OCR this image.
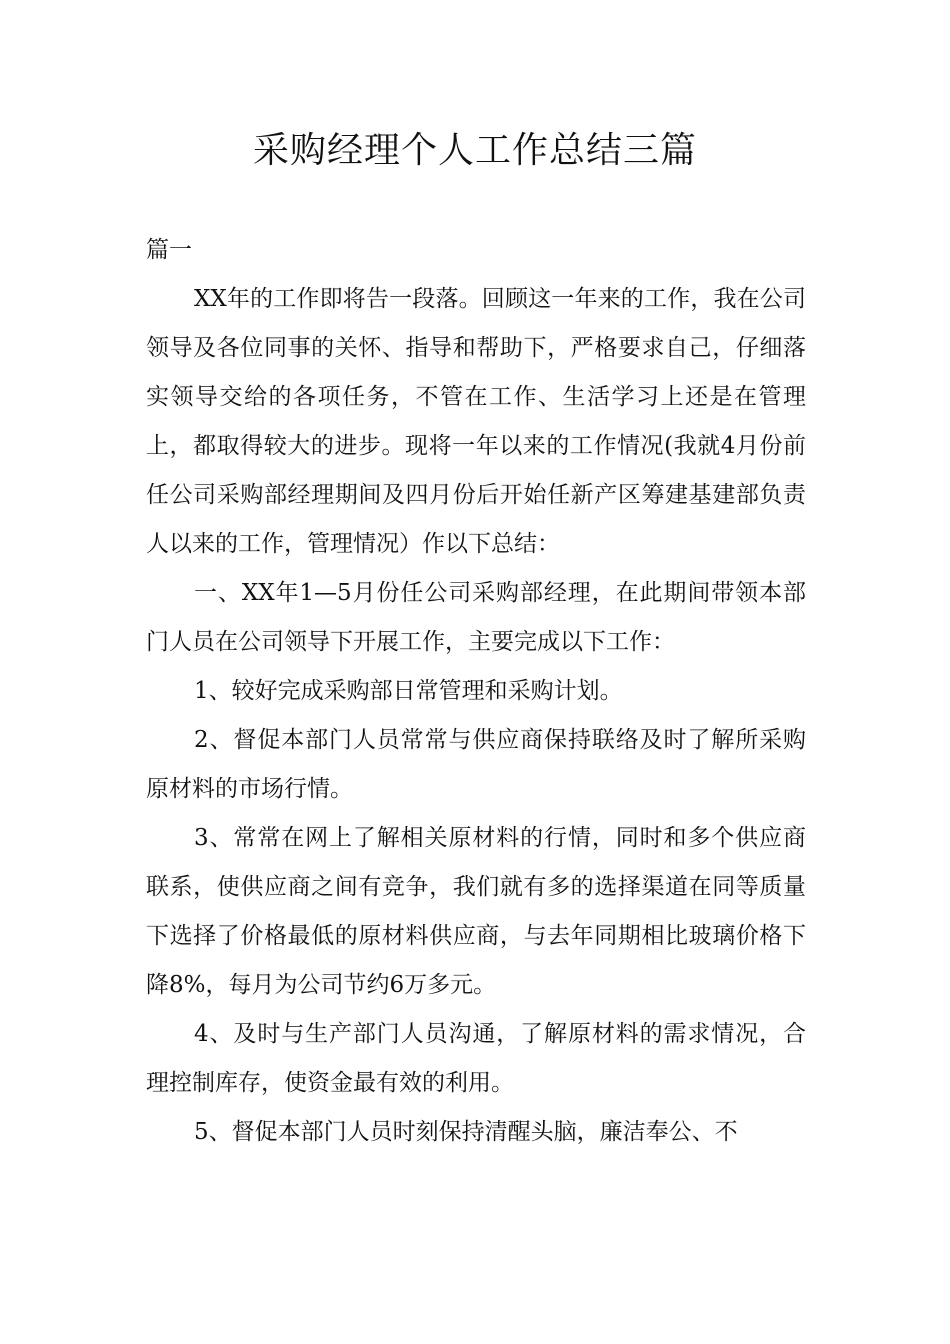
采购经理个人工作总结三篇
篇一

XX年的工作即将告一段落。回顾这一年来的工作，我在公司领导及各位同事的关怀、指导和帮助下，严格要求自己，仔细落实领导交给的各项任务，不管在工作、生活学习上还是在管理上，都取得较大的进步。现将一年以来的工作情况(我就4月份前任公司采购部经理期间及四月份后开始任新产区筹建基建部负责人以来的工作，管理情况）作以下总结：

一、XX年1—5月份任公司采购部经理，在此期间带领本部门人员在公司领导下开展工作，主要完成以下工作：

1、较好完成采购部日常管理和采购计划。

2、督促本部门人员常常与供应商保持联络及时了解所采购原材料的市场行情。

3、常常在网上了解相关原材料的行情，同时和多个供应商联系，使供应商之间有竞争，我们就有多的选择渠道在同等质量下选择了价格最低的原材料供应商，与去年同期相比玻璃价格下降8%，每月为公司节约6万多元。

4、及时与生产部门人员沟通，了解原材料的需求情况，合理控制库存，使资金最有效的利用。

5、督促本部门人员时刻保持清醒头脑，廉洁奉公、不
